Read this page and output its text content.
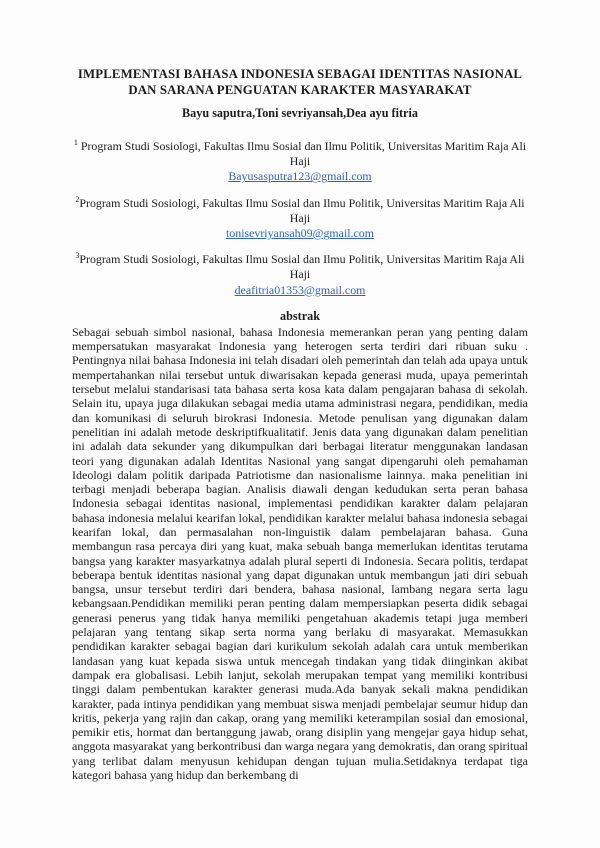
IMPLEMENTASI BAHASA INDONESIA SEBAGAI IDENTITAS NASIONAL DAN SARANA PENGUATAN KARAKTER MASYARAKAT

Bayu saputra,Toni sevriyansah,Dea ayu fitria

$^1$ Program Studi Sosiologi, Fakultas Ilmu Sosial dan Ilmu Politik, Universitas Maritim Raja Ali Haji

Bayusasputra123@gmail.com

$^2$Program Studi Sosiologi, Fakultas Ilmu Sosial dan Ilmu Politik, Universitas Maritim Raja Ali Haji

tonisevriyansah09@gmail.com

$^3$Program Studi Sosiologi, Fakultas Ilmu Sosial dan Ilmu Politik, Universitas Maritim Raja Ali Haji

deafitria01353@gmail.com

abstrak

Sebagai sebuah simbol nasional, bahasa Indonesia memerankan peran yang penting dalam mempersatukan masyarakat Indonesia yang heterogen serta terdiri dari ribuan suku . Pentingnya nilai bahasa Indonesia ini telah disadari oleh pemerintah dan telah ada upaya untuk mempertahankan nilai tersebut untuk diwarisakan kepada generasi muda, upaya pemerintah tersebut melalui standarisasi tata bahasa serta kosa kata dalam pengajaran bahasa di sekolah. Selain itu, upaya juga dilakukan sebagai media utama administrasi negara, pendidikan, media dan komunikasi di seluruh birokrasi Indonesia. Metode penulisan yang digunakan dalam penelitian ini adalah metode deskriptifkualitatif. Jenis data yang digunakan dalam penelitian ini adalah data sekunder yang dikumpulkan dari berbagai literatur menggunakan landasan teori yang digunakan adalah Identitas Nasional yang sangat dipengaruhi oleh pemahaman Ideologi dalam politik daripada Patriotisme dan nasionalisme lainnya. maka penelitian ini terbagi menjadi beberapa bagian. Analisis diawali dengan kedudukan serta peran bahasa Indonesia sebagai identitas nasional, implementasi pendidikan karakter dalam pelajaran bahasa indonesia melalui kearifan lokal, pendidikan karakter melalui bahasa indonesia sebagai kearifan lokal, dan permasalahan non-linguistik dalam pembelajaran bahasa. Guna membangun rasa percaya diri yang kuat, maka sebuah banga memerlukan identitas terutama bangsa yang karakter masyarkatnya adalah plural seperti di Indonesia. Secara politis, terdapat beberapa bentuk identitas nasional yang dapat digunakan untuk membangun jati diri sebuah bangsa, unsur tersebut terdiri dari bendera, bahasa nasional, lambang negara serta lagu kebangsaan.Pendidikan memiliki peran penting dalam mempersiapkan peserta didik sebagai generasi penerus yang tidak hanya memiliki pengetahuan akademis tetapi juga memberi pelajaran yang tentang sikap serta norma yang berlaku di masyarakat. Memasukkan pendidikan karakter sebagai bagian dari kurikulum sekolah adalah cara untuk memberikan landasan yang kuat kepada siswa untuk mencegah tindakan yang tidak diinginkan akibat dampak era globalisasi. Lebih lanjut, sekolah merupakan tempat yang memiliki kontribusi tinggi dalam pembentukan karakter generasi muda.Ada banyak sekali makna pendidikan karakter, pada intinya pendidikan yang membuat siswa menjadi pembelajar seumur hidup dan kritis, pekerja yang rajin dan cakap, orang yang memiliki keterampilan sosial dan emosional, pemikir etis, hormat dan bertanggung jawab, orang disiplin yang mengejar gaya hidup sehat, anggota masyarakat yang berkontribusi dan warga negara yang demokratis, dan orang spiritual yang terlibat dalam menyusun kehidupan dengan tujuan mulia.Setidaknya terdapat tiga kategori bahasa yang hidup dan berkembang di
